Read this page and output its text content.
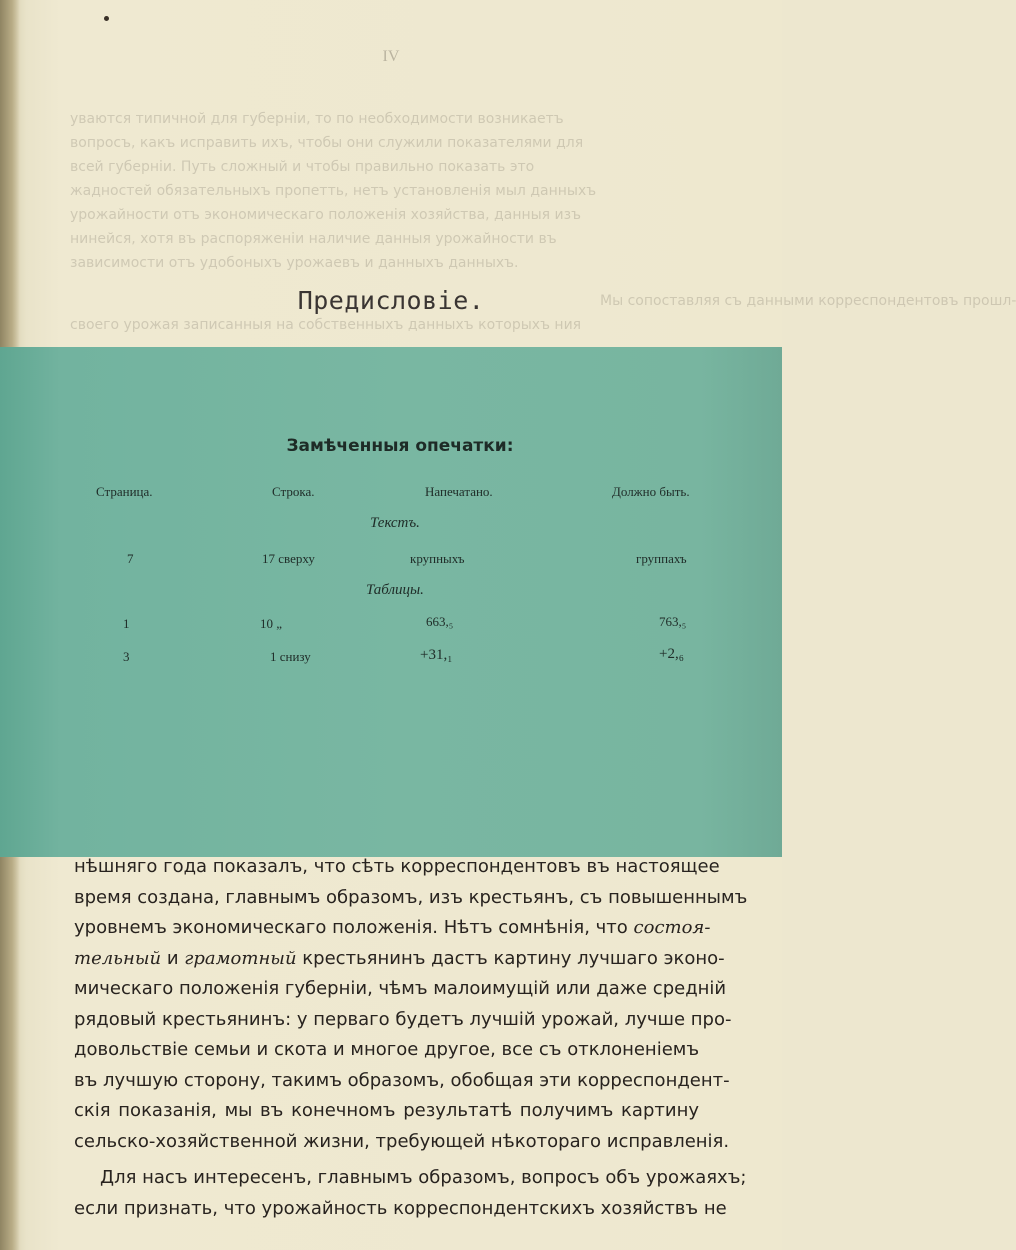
IV
уваются типичной для губерніи, то по необходимости возникаетъ
вопросъ, какъ исправить ихъ, чтобы они служили показателями для
всей губерніи. Путь сложный и чтобы правильно показать это
жадностей обязательныхъ пропетть, нетъ установленія мыл данныхъ
урожайности отъ экономическаго положенія хозяйства, данныя изъ
нинейся, хотя въ распоряженіи наличие данныя урожайности въ
зависимости отъ удобоныхъ урожаевъ и данныхъ данныхъ.
Мы сопоставляя съ данными корреспондентовъ прошл-
своего урожая записанныя на собственныхъ данныхъ которыхъ ния
Предисловіе.
Замѣченныя опечатки:
Страница.	Строка.	Напечатано.	Должно быть.
Текстъ.
7	17 сверху	крупныхъ	группахъ
Таблицы.
1	10 „	663,₅	763,₅
3	1 снизу	+31,₁	+2,₆

нѣшняго года показалъ, что сѣть корреспондентовъ въ настоящее
время создана, главнымъ образомъ, изъ крестьянъ, съ повышеннымъ
уровнемъ экономическаго положенія. Нѣтъ сомнѣнія, что состоя-
тельный и грамотный крестьянинъ дастъ картину лучшаго эконо-
мическаго положенія губерніи, чѣмъ малоимущій или даже средній
рядовый крестьянинъ: у перваго будетъ лучшій урожай, лучше про-
довольствіе семьи и скота и многое другое, все съ отклоненіемъ
въ лучшую сторону, такимъ образомъ, обобщая эти корреспондент-
скія показанія, мы въ конечномъ результатѣ получимъ картину
сельско-хозяйственной жизни, требующей нѣкотораго исправленія.

Для насъ интересенъ, главнымъ образомъ, вопросъ объ урожаяхъ;
если признать, что урожайность корреспондентскихъ хозяйствъ не
